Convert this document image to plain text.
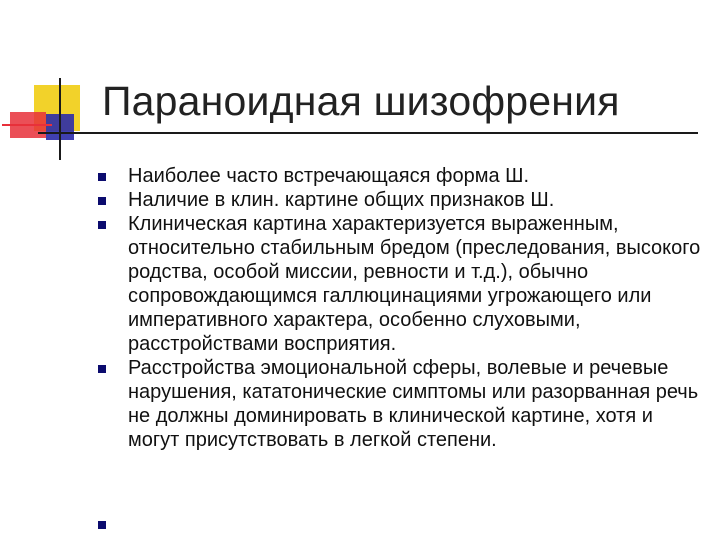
Параноидная шизофрения
Наиболее часто встречающаяся форма Ш.
Наличие в клин. картине общих признаков Ш.
Клиническая картина характеризуется выраженным, относительно стабильным бредом (преследования, высокого родства, особой миссии, ревности и т.д.), обычно сопровождающимся галлюцинациями угрожающего или императивного характера, особенно слуховыми, расстройствами восприятия.
Расстройства эмоциональной сферы, волевые и речевые нарушения, кататонические симптомы или разорванная речь не должны доминировать в клинической картине, хотя и могут присутствовать в легкой степени.
